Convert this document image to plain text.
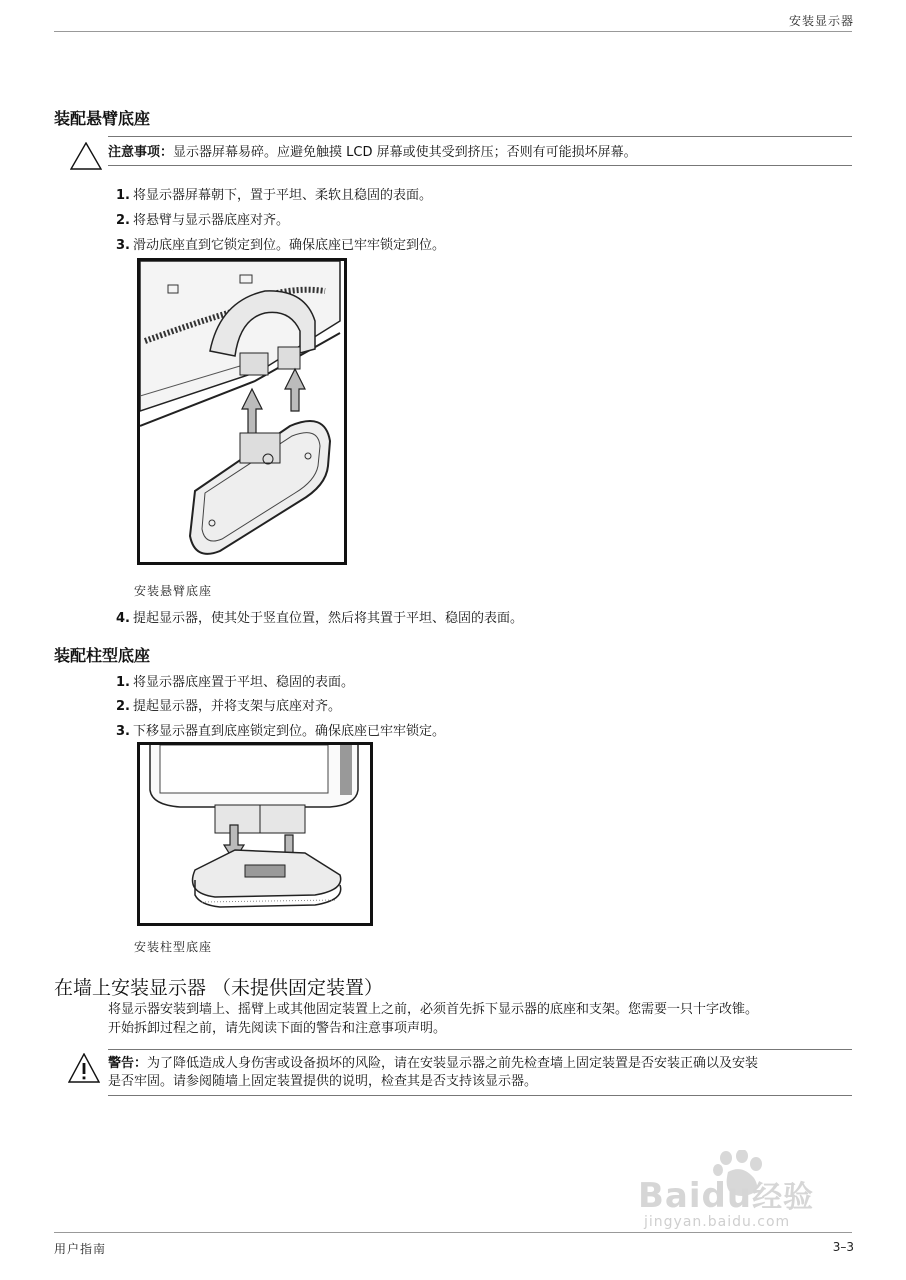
安装显示器
装配悬臂底座
注意事项：显示器屏幕易碎。应避免触摸 LCD 屏幕或使其受到挤压；否则有可能损坏屏幕。
1. 将显示器屏幕朝下，置于平坦、柔软且稳固的表面。
2. 将悬臂与显示器底座对齐。
3. 滑动底座直到它锁定到位。确保底座已牢牢锁定到位。
安装悬臂底座
4. 提起显示器，使其处于竖直位置，然后将其置于平坦、稳固的表面。
装配柱型底座
1. 将显示器底座置于平坦、稳固的表面。
2. 提起显示器，并将支架与底座对齐。
3. 下移显示器直到底座锁定到位。确保底座已牢牢锁定。
安装柱型底座
在墙上安装显示器 （未提供固定装置）
将显示器安装到墙上、摇臂上或其他固定装置上之前，必须首先拆下显示器的底座和支架。您需要一只十字改锥。
开始拆卸过程之前，请先阅读下面的警告和注意事项声明。
警告：为了降低造成人身伤害或设备损坏的风险，请在安装显示器之前先检查墙上固定装置是否安装正确以及安装
是否牢固。请参阅随墙上固定装置提供的说明，检查其是否支持该显示器。
Baidu经验
jingyan.baidu.com
用户指南	3–3
